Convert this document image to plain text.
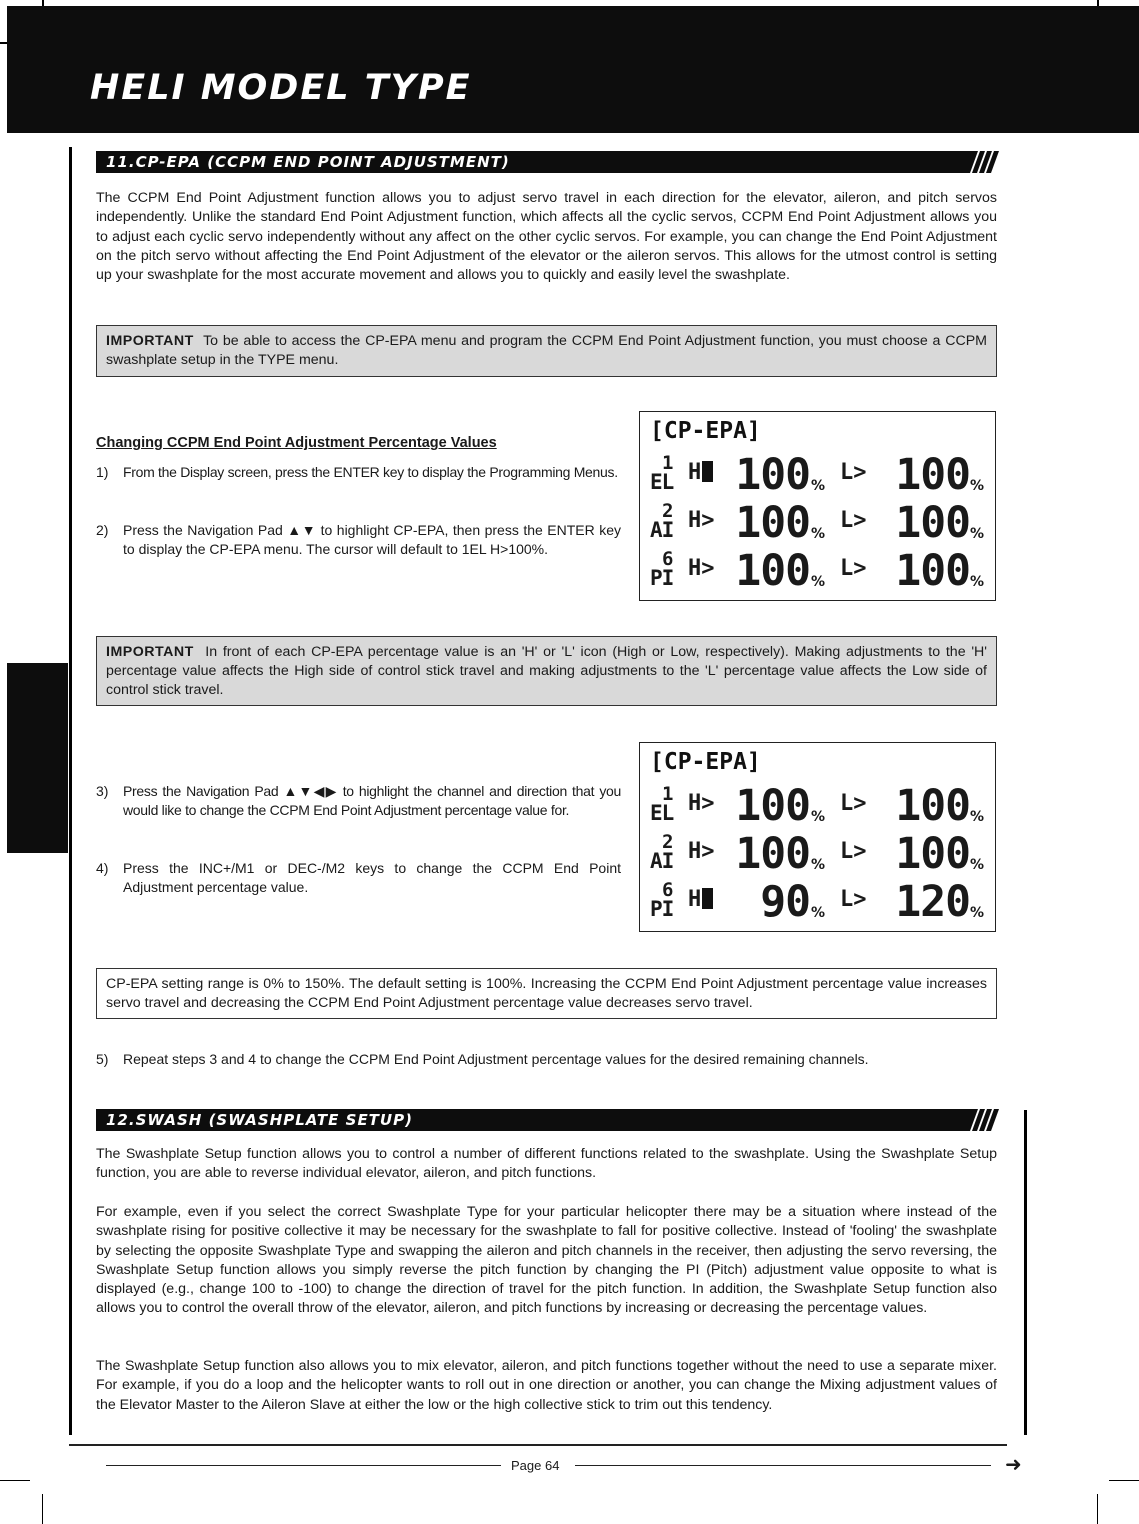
HELI MODEL TYPE
11.CP-EPA (CCPM END POINT ADJUSTMENT)

The CCPM End Point Adjustment function allows you to adjust servo travel in each direction for the elevator, aileron, and pitch servos independently. Unlike the standard End Point Adjustment function, which affects all the cyclic servos, CCPM End Point Adjustment allows you to adjust each cyclic servo independently without any affect on the other cyclic servos. For example, you can change the End Point Adjustment on the pitch servo without affecting the End Point Adjustment of the elevator or the aileron servos. This allows for the utmost control is setting up your swashplate for the most accurate movement and allows you to quickly and easily level the swashplate.

IMPORTANT To be able to access the CP-EPA menu and program the CCPM End Point Adjustment function, you must choose a CCPM swashplate setup in the TYPE menu.
Changing CCPM End Point Adjustment Percentage Values
1) From the Display screen, press the ENTER key to display the Programming Menus.
2) Press the Navigation Pad ▲▼ to highlight CP-EPA, then press the ENTER key to display the CP-EPA menu. The cursor will default to 1EL H>100%.
[CP-EPA]
1
EL H 100 %
L> 100 %
2
AI H> 100 %
L> 100 %
6
PI H> 100 %
L> 100 %
IMPORTANT In front of each CP-EPA percentage value is an 'H' or 'L' icon (High or Low, respectively). Making adjustments to the 'H' percentage value affects the High side of control stick travel and making adjustments to the 'L' percentage value affects the Low side of control stick travel.
3) Press the Navigation Pad ▲▼◀▶ to highlight the channel and direction that you would like to change the CCPM End Point Adjustment percentage value for.
4) Press the INC+/M1 or DEC-/M2 keys to change the CCPM End Point Adjustment percentage value.
[CP-EPA]
1
EL H> 100 %
L> 100 %
2
AI H> 100 %
L> 100 %
6
PI H	90 %
L> 120 %
CP-EPA setting range is 0% to 150%. The default setting is 100%. Increasing the CCPM End Point Adjustment percentage value increases servo travel and decreasing the CCPM End Point Adjustment percentage value decreases servo travel.
5) Repeat steps 3 and 4 to change the CCPM End Point Adjustment percentage values for the desired remaining channels.
12.SWASH (SWASHPLATE SETUP)

The Swashplate Setup function allows you to control a number of different functions related to the swashplate. Using the Swashplate Setup function, you are able to reverse individual elevator, aileron, and pitch functions.

For example, even if you select the correct Swashplate Type for your particular helicopter there may be a situation where instead of the swashplate rising for positive collective it may be necessary for the swashplate to fall for positive collective. Instead of 'fooling' the swashplate by selecting the opposite Swashplate Type and swapping the aileron and pitch channels in the receiver, then adjusting the servo reversing, the Swashplate Setup function allows you simply reverse the pitch function by changing the PI (Pitch) adjustment value opposite to what is displayed (e.g., change 100 to -100) to change the direction of travel for the pitch function. In addition, the Swashplate Setup function also allows you to control the overall throw of the elevator, aileron, and pitch functions by increasing or decreasing the percentage values.

The Swashplate Setup function also allows you to mix elevator, aileron, and pitch functions together without the need to use a separate mixer. For example, if you do a loop and the helicopter wants to roll out in one direction or another, you can change the Mixing adjustment values of the Elevator Master to the Aileron Slave at either the low or the high collective stick to trim out this tendency.

Page 64	➜
